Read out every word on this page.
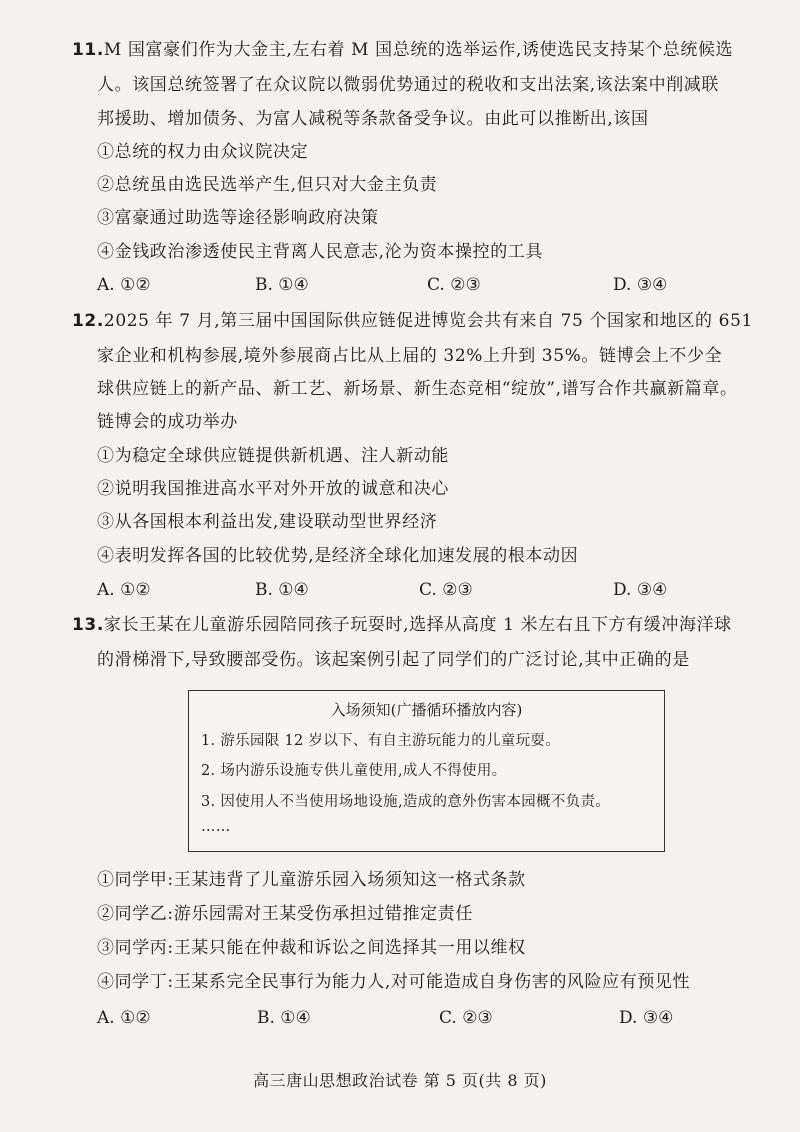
11.M 国富豪们作为大金主,左右着 M 国总统的选举运作,诱使选民支持某个总统候选
人。该国总统签署了在众议院以微弱优势通过的税收和支出法案,该法案中削减联
邦援助、增加债务、为富人减税等条款备受争议。由此可以推断出,该国
①总统的权力由众议院决定
②总统虽由选民选举产生,但只对大金主负责
③富豪通过助选等途径影响政府决策
④金钱政治渗透使民主背离人民意志,沦为资本操控的工具
A. ①②	B. ①④	C. ②③	D. ③④
12.2025 年 7 月,第三届中国国际供应链促进博览会共有来自 75 个国家和地区的 651
家企业和机构参展,境外参展商占比从上届的 32%上升到 35%。链博会上不少全
球供应链上的新产品、新工艺、新场景、新生态竞相“绽放”,谱写合作共赢新篇章。
链博会的成功举办
①为稳定全球供应链提供新机遇、注人新动能
②说明我国推进高水平对外开放的诚意和决心
③从各国根本利益出发,建设联动型世界经济
④表明发挥各国的比较优势,是经济全球化加速发展的根本动因
A. ①②	B. ①④	C. ②③	D. ③④
13.家长王某在儿童游乐园陪同孩子玩耍时,选择从高度 1 米左右且下方有缓冲海洋球
的滑梯滑下,导致腰部受伤。该起案例引起了同学们的广泛讨论,其中正确的是
入场须知(广播循环播放内容)
1. 游乐园限 12 岁以下、有自主游玩能力的儿童玩耍。
2. 场内游乐设施专供儿童使用,成人不得使用。
3. 因使用人不当使用场地设施,造成的意外伤害本园概不负责。
……
①同学甲:王某违背了儿童游乐园入场须知这一格式条款
②同学乙:游乐园需对王某受伤承担过错推定责任
③同学丙:王某只能在仲裁和诉讼之间选择其一用以维权
④同学丁:王某系完全民事行为能力人,对可能造成自身伤害的风险应有预见性
A. ①②	B. ①④	C. ②③	D. ③④
高三唐山思想政治试卷 第 5 页(共 8 页)
